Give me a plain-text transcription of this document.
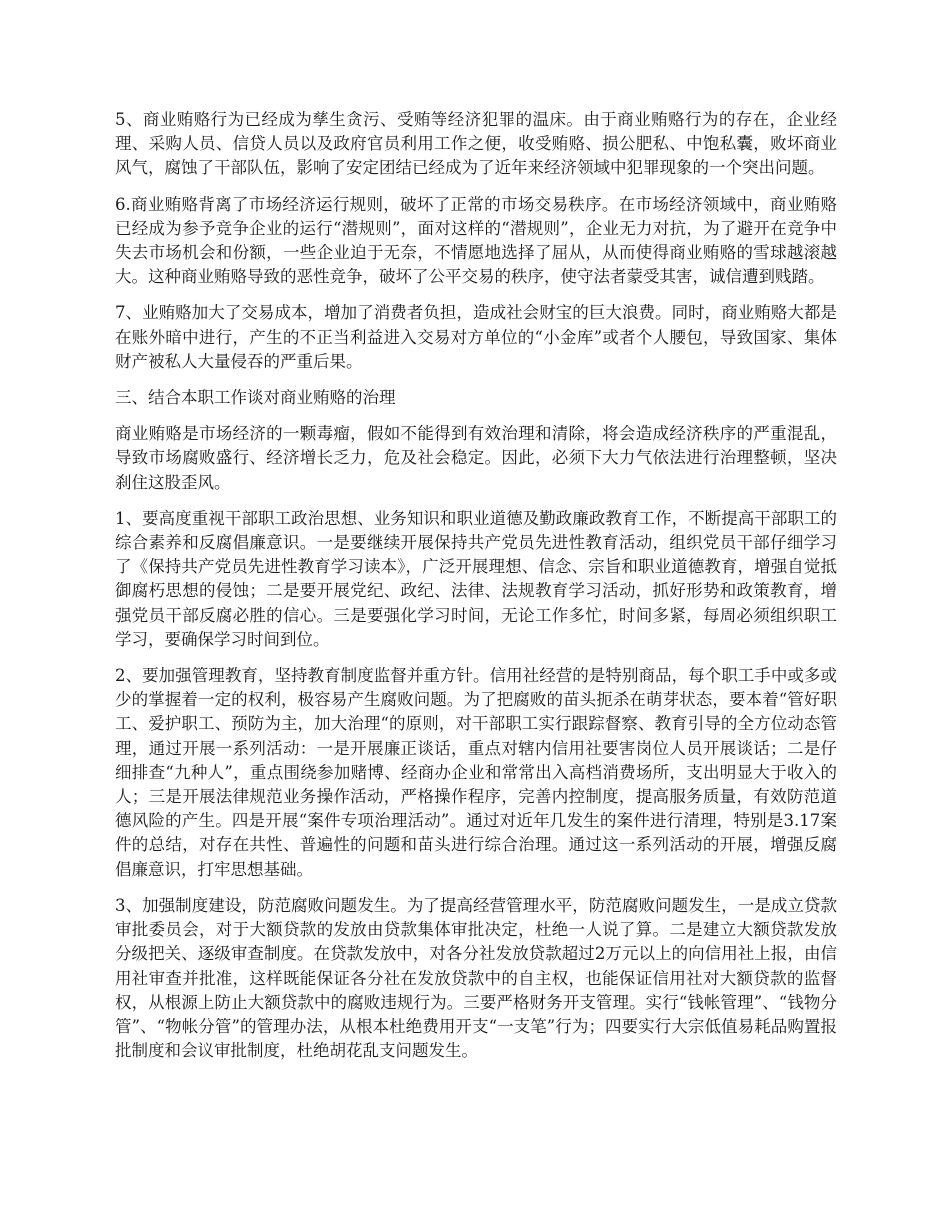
5、商业贿赂行为已经成为孳生贪污、受贿等经济犯罪的温床。由于商业贿赂行为的存在，企业经理、采购人员、信贷人员以及政府官员利用工作之便，收受贿赂、损公肥私、中饱私囊，败坏商业风气，腐蚀了干部队伍，影响了安定团结已经成为了近年来经济领域中犯罪现象的一个突出问题。

6.商业贿赂背离了市场经济运行规则，破坏了正常的市场交易秩序。在市场经济领域中，商业贿赂已经成为参予竞争企业的运行“潜规则”，面对这样的“潜规则”，企业无力对抗，为了避开在竞争中失去市场机会和份额，一些企业迫于无奈，不情愿地选择了屈从，从而使得商业贿赂的雪球越滚越大。这种商业贿赂导致的恶性竞争，破坏了公平交易的秩序，使守法者蒙受其害，诚信遭到贱踏。

7、业贿赂加大了交易成本，增加了消费者负担，造成社会财宝的巨大浪费。同时，商业贿赂大都是在账外暗中进行，产生的不正当利益进入交易对方单位的“小金库”或者个人腰包，导致国家、集体财产被私人大量侵吞的严重后果。

三、结合本职工作谈对商业贿赂的治理

商业贿赂是市场经济的一颗毒瘤，假如不能得到有效治理和清除，将会造成经济秩序的严重混乱，导致市场腐败盛行、经济增长乏力，危及社会稳定。因此，必须下大力气依法进行治理整顿，坚决刹住这股歪风。

1、要高度重视干部职工政治思想、业务知识和职业道德及勤政廉政教育工作，不断提高干部职工的综合素养和反腐倡廉意识。一是要继续开展保持共产党员先进性教育活动，组织党员干部仔细学习了《保持共产党员先进性教育学习读本》，广泛开展理想、信念、宗旨和职业道德教育，增强自觉抵御腐朽思想的侵蚀；二是要开展党纪、政纪、法律、法规教育学习活动，抓好形势和政策教育，增强党员干部反腐必胜的信心。三是要强化学习时间，无论工作多忙，时间多紧，每周必须组织职工学习，要确保学习时间到位。

2、要加强管理教育，坚持教育制度监督并重方针。信用社经营的是特别商品，每个职工手中或多或少的掌握着一定的权利，极容易产生腐败问题。为了把腐败的苗头扼杀在萌芽状态，要本着“管好职工、爱护职工、预防为主，加大治理“的原则，对干部职工实行跟踪督察、教育引导的全方位动态管理，通过开展一系列活动：一是开展廉正谈话，重点对辖内信用社要害岗位人员开展谈话；二是仔细排查“九种人”，重点围绕参加赌博、经商办企业和常常出入高档消费场所，支出明显大于收入的人；三是开展法律规范业务操作活动，严格操作程序，完善内控制度，提高服务质量，有效防范道德风险的产生。四是开展“案件专项治理活动”。通过对近年几发生的案件进行清理，特别是3.17案件的总结，对存在共性、普遍性的问题和苗头进行综合治理。通过这一系列活动的开展，增强反腐倡廉意识，打牢思想基础。

3、加强制度建设，防范腐败问题发生。为了提高经营管理水平，防范腐败问题发生，一是成立贷款审批委员会，对于大额贷款的发放由贷款集体审批决定，杜绝一人说了算。二是建立大额贷款发放分级把关、逐级审查制度。在贷款发放中，对各分社发放贷款超过2万元以上的向信用社上报，由信用社审查并批准，这样既能保证各分社在发放贷款中的自主权，也能保证信用社对大额贷款的监督权，从根源上防止大额贷款中的腐败违规行为。三要严格财务开支管理。实行“钱帐管理”、“钱物分管”、“物帐分管”的管理办法，从根本杜绝费用开支“一支笔”行为；四要实行大宗低值易耗品购置报批制度和会议审批制度，杜绝胡花乱支问题发生。
